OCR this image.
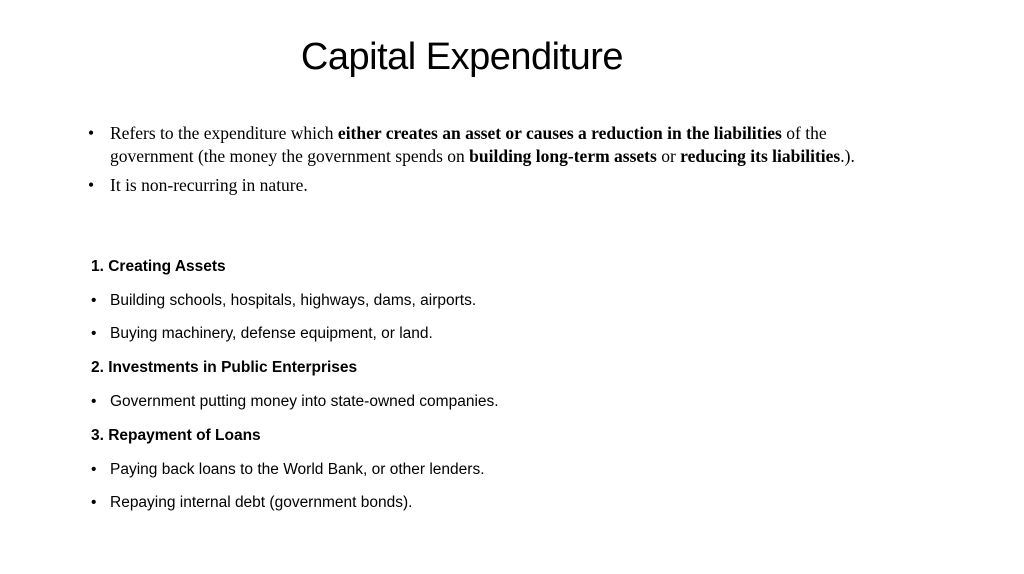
Capital Expenditure
• Refers to the expenditure which either creates an asset or causes a reduction in the liabilities of the government (the money the government spends on building long-term assets or reducing its liabilities.).
• It is non-recurring in nature.
1. Creating Assets
• Building schools, hospitals, highways, dams, airports.
• Buying machinery, defense equipment, or land.
2. Investments in Public Enterprises
• Government putting money into state-owned companies.
3. Repayment of Loans
• Paying back loans to the World Bank, or other lenders.
• Repaying internal debt (government bonds).
